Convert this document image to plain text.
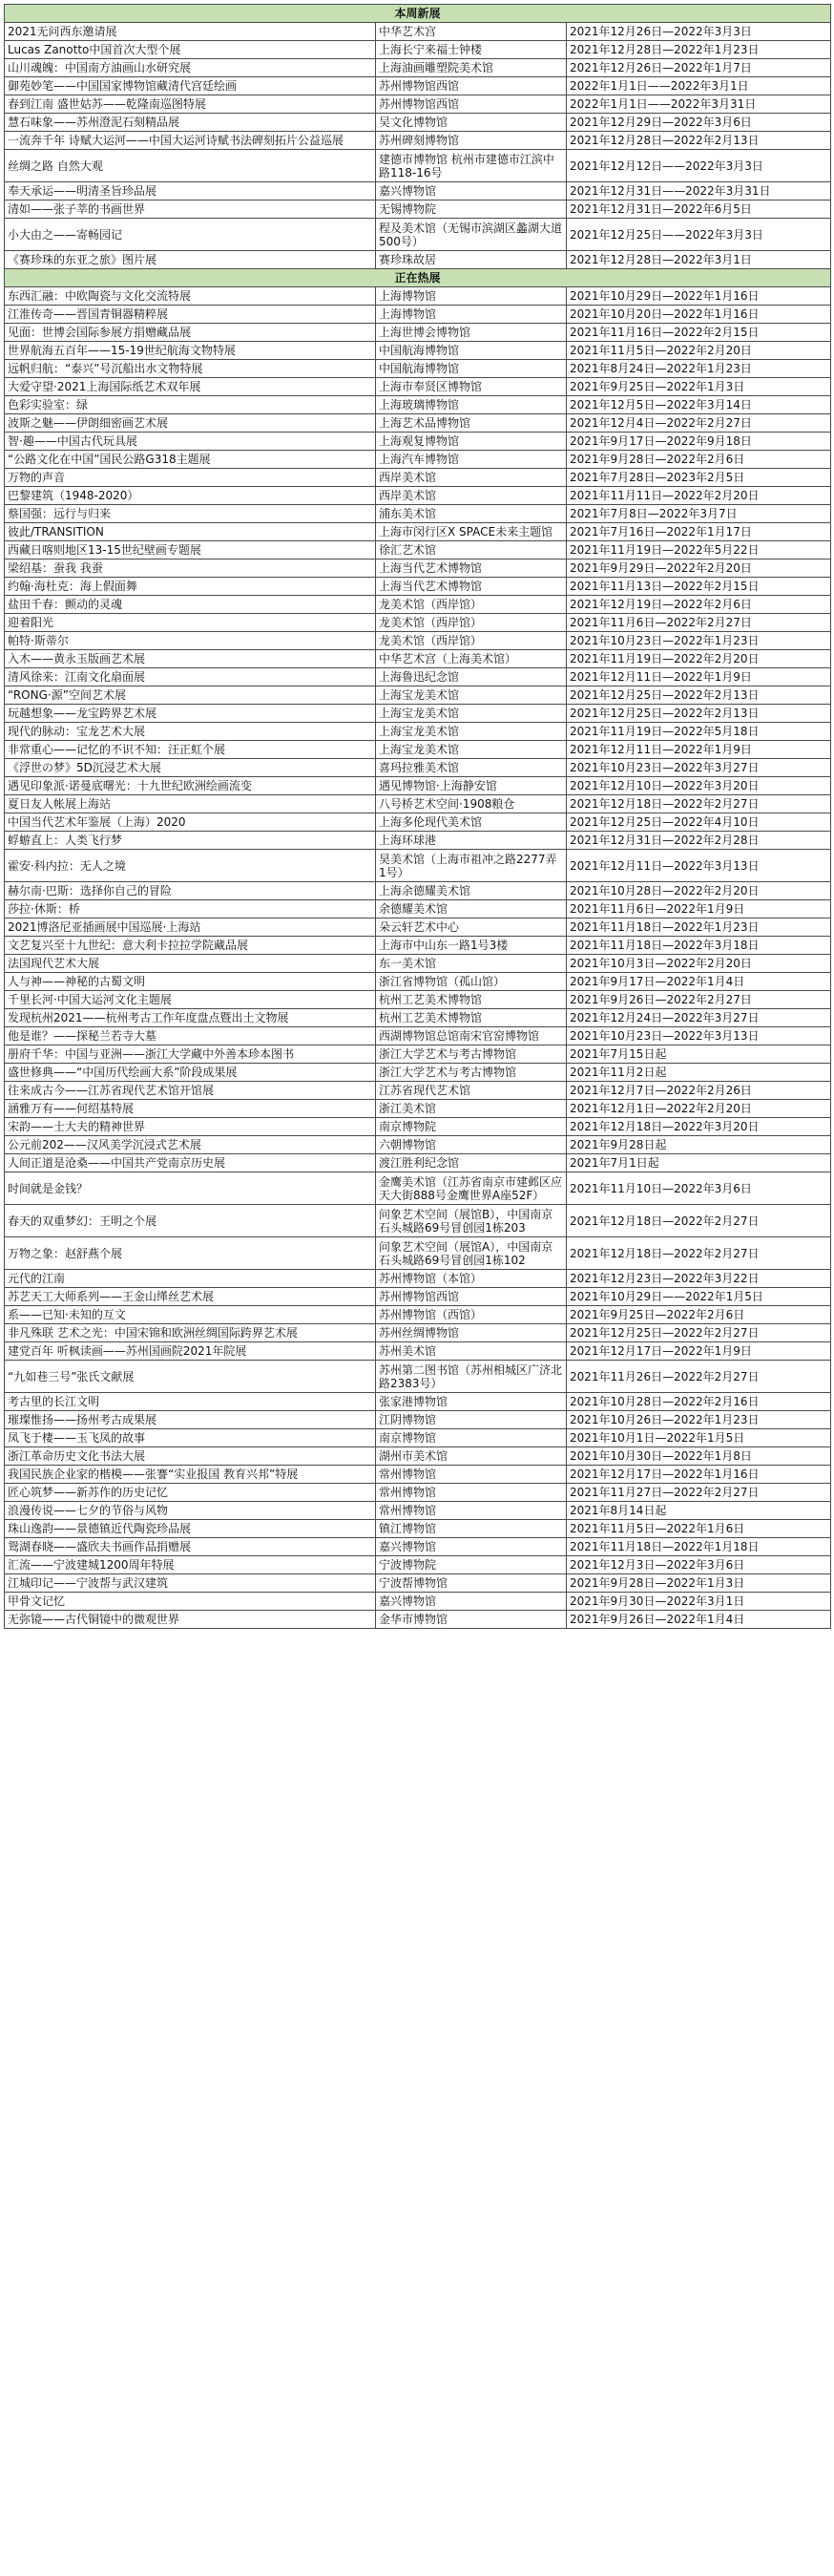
本周新展		
2021无问西东邀请展	中华艺术宫	2021年12月26日—2022年3月3日
Lucas Zanotto中国首次大型个展	上海长宁来福士钟楼	2021年12月28日—2022年1月23日
山川魂魄：中国南方油画山水研究展	上海油画雕塑院美术馆	2021年12月26日—2022年1月7日
御苑妙笔——中国国家博物馆藏清代宫廷绘画	苏州博物馆西馆	2022年1月1日——2022年3月1日
春到江南 盛世姑苏——乾隆南巡图特展	苏州博物馆西馆	2022年1月1日——2022年3月31日
慧石味象——苏州澄泥石刻精品展	吴文化博物馆	2021年12月29日—2022年3月6日
一流奔千年 诗赋大运河——中国大运河诗赋书法碑刻拓片公益巡展	苏州碑刻博物馆	2021年12月28日—2022年2月13日
丝绸之路 自然大观	建德市博物馆 杭州市建德市江滨中路118-16号	2021年12月12日——2022年3月3日
奉天承运——明清圣旨珍品展	嘉兴博物馆	2021年12月31日——2022年3月31日
清如——张子莘的书画世界	无锡博物院	2021年12月31日—2022年6月5日
小大由之——寄畅园记	程及美术馆（无锡市滨湖区蠡湖大道500号）	2021年12月25日——2022年3月3日
《赛珍珠的东亚之旅》图片展	赛珍珠故居	2021年12月28日—2022年3月1日
正在热展		
东西汇融：中欧陶瓷与文化交流特展	上海博物馆	2021年10月29日—2022年1月16日
江淮传奇——晋国青铜器精粹展	上海博物馆	2021年10月20日—2022年1月16日
见面：世博会国际参展方捐赠藏品展	上海世博会博物馆	2021年11月16日—2022年2月15日
世界航海五百年——15-19世纪航海文物特展	中国航海博物馆	2021年11月5日—2022年2月20日
远帆归航：“泰兴”号沉船出水文物特展	中国航海博物馆	2021年8月24日—2022年1月23日
大爱守望·2021上海国际纸艺术双年展	上海市奉贤区博物馆	2021年9月25日—2022年1月3日
色彩实验室：绿	上海玻璃博物馆	2021年12月5日—2022年3月14日
波斯之魅——伊朗细密画艺术展	上海艺术品博物馆	2021年12月4日—2022年2月27日
智·趣——中国古代玩具展	上海观复博物馆	2021年9月17日—2022年9月18日
“公路文化在中国”国民公路G318主题展	上海汽车博物馆	2021年9月28日—2022年2月6日
万物的声音	西岸美术馆	2021年7月28日—2023年2月5日
巴黎建筑（1948-2020）	西岸美术馆	2021年11月11日—2022年2月20日
蔡国强：远行与归来	浦东美术馆	2021年7月8日—2022年3月7日
彼此/TRANSITION	上海市闵行区X SPACE未来主题馆	2021年7月16日—2022年1月17日
西藏日喀则地区13-15世纪壁画专题展	徐汇艺术馆	2021年11月19日—2022年5月22日
梁绍基：蚕我 我蚕	上海当代艺术博物馆	2021年9月29日—2022年2月20日
约翰·海杜克：海上假面舞	上海当代艺术博物馆	2021年11月13日—2022年2月15日
盐田千春：颤动的灵魂	龙美术馆（西岸馆）	2021年12月19日—2022年2月6日
迎着阳光	龙美术馆（西岸馆）	2021年11月6日—2022年2月27日
帕特·斯蒂尔	龙美术馆（西岸馆）	2021年10月23日—2022年1月23日
入木——黄永玉版画艺术展	中华艺术宫（上海美术馆）	2021年11月19日—2022年2月20日
清风徐来：江南文化扇面展	上海鲁迅纪念馆	2021年12月11日—2022年1月9日
“RONG·源”空间艺术展	上海宝龙美术馆	2021年12月25日—2022年2月13日
玩越想象——龙宝跨界艺术展	上海宝龙美术馆	2021年12月25日—2022年2月13日
现代的脉动：宝龙艺术大展	上海宝龙美术馆	2021年11月19日—2022年5月18日
非常重心——记忆的不识不知：汪正虹个展	上海宝龙美术馆	2021年12月11日—2022年1月9日
《浮世の梦》5D沉浸艺术大展	喜玛拉雅美术馆	2021年10月23日—2022年3月27日
遇见印象派·诺曼底曙光：十九世纪欧洲绘画流变	遇见博物馆·上海静安馆	2021年12月10日—2022年3月20日
夏日友人帐展上海站	八号桥艺术空间·1908粮仓	2021年12月18日—2022年2月27日
中国当代艺术年鉴展（上海）2020	上海多伦现代美术馆	2021年12月25日—2022年4月10日
蜉蝣直上：人类飞行梦	上海环球港	2021年12月31日—2022年2月28日
霍安·科内拉：无人之境	昊美术馆（上海市祖冲之路2277弄1号）	2021年12月11日—2022年3月13日
赫尔南·巴斯：选择你自己的冒险	上海余德耀美术馆	2021年10月28日—2022年2月20日
莎拉·休斯：桥	余德耀美术馆	2021年11月6日—2022年1月9日
2021博洛尼亚插画展中国巡展·上海站	朵云轩艺术中心	2021年11月18日—2022年1月23日
文艺复兴至十九世纪：意大利卡拉拉学院藏品展	上海市中山东一路1号3楼	2021年11月18日—2022年3月18日
法国现代艺术大展	东一美术馆	2021年10月3日—2022年2月20日
人与神——神秘的古蜀文明	浙江省博物馆（孤山馆）	2021年9月17日—2022年1月4日
千里长河·中国大运河文化主题展	杭州工艺美术博物馆	2021年9月26日—2022年2月27日
发现杭州2021——杭州考古工作年度盘点暨出土文物展	杭州工艺美术博物馆	2021年12月24日—2022年3月27日
他是谁？——探秘兰若寺大墓	西湖博物馆总馆南宋官窑博物馆	2021年10月23日—2022年3月13日
册府千华：中国与亚洲——浙江大学藏中外善本珍本图书	浙江大学艺术与考古博物馆	2021年7月15日起
盛世修典——“中国历代绘画大系”阶段成果展	浙江大学艺术与考古博物馆	2021年11月2日起
往来成古今——江苏省现代艺术馆开馆展	江苏省现代艺术馆	2021年12月7日—2022年2月26日
涵雅万有——何绍基特展	浙江美术馆	2021年12月1日—2022年2月20日
宋韵——士大夫的精神世界	南京博物院	2021年12月18日—2022年3月20日
公元前202——汉风美学沉浸式艺术展	六朝博物馆	2021年9月28日起
人间正道是沧桑——中国共产党南京历史展	渡江胜利纪念馆	2021年7月1日起
时间就是金钱？	金鹰美术馆（江苏省南京市建邺区应天大街888号金鹰世界A座52F）	2021年11月10日—2022年3月6日
春天的双重梦幻：王明之个展	问象艺术空间（展馆B），中国南京石头城路69号冒创园1栋203	2021年12月18日—2022年2月27日
万物之象：赵舒燕个展	问象艺术空间（展馆A），中国南京石头城路69号冒创园1栋102	2021年12月18日—2022年2月27日
元代的江南	苏州博物馆（本馆）	2021年12月23日—2022年3月22日
苏艺天工大师系列——王金山缂丝艺术展	苏州博物馆西馆	2021年10月29日——2022年1月5日
系——已知·未知的互文	苏州博物馆（西馆）	2021年9月25日—2022年2月6日
非凡殊联 艺术之光：中国宋锦和欧洲丝绸国际跨界艺术展	苏州丝绸博物馆	2021年12月25日—2022年2月27日
建党百年 听枫读画——苏州国画院2021年院展	苏州美术馆	2021年12月17日—2022年1月9日
“九如巷三号”张氏文献展	苏州第二图书馆（苏州相城区广济北路2383号）	2021年11月26日—2022年2月27日
考古里的长江文明	张家港博物馆	2021年10月28日—2022年2月16日
璀璨惟扬——扬州考古成果展	江阴博物馆	2021年10月26日—2022年1月23日
凤飞于棲——玉飞凤的故事	南京博物馆	2021年10月1日—2022年1月5日
浙江革命历史文化书法大展	湖州市美术馆	2021年10月30日—2022年1月8日
我国民族企业家的楷模——张謇“实业报国 教育兴邦”特展	常州博物馆	2021年12月17日—2022年1月16日
匠心筑梦——新苏作的历史记忆	常州博物馆	2021年11月27日—2022年2月27日
浪漫传说——七夕的节俗与风物	常州博物馆	2021年8月14日起
珠山逸韵——景德镇近代陶瓷珍品展	镇江博物馆	2021年11月5日—2022年1月6日
鸳湖春晓——盛欣夫书画作品捐赠展	嘉兴博物馆	2021年11月18日—2022年1月18日
汇流——宁波建城1200周年特展	宁波博物院	2021年12月3日—2022年3月6日
江城印记——宁波帮与武汉建筑	宁波帮博物馆	2021年9月28日—2022年1月3日
甲骨文记忆	嘉兴博物馆	2021年9月30日—2022年3月1日
无弥镜——古代铜镜中的微观世界	金华市博物馆	2021年9月26日—2022年1月4日
